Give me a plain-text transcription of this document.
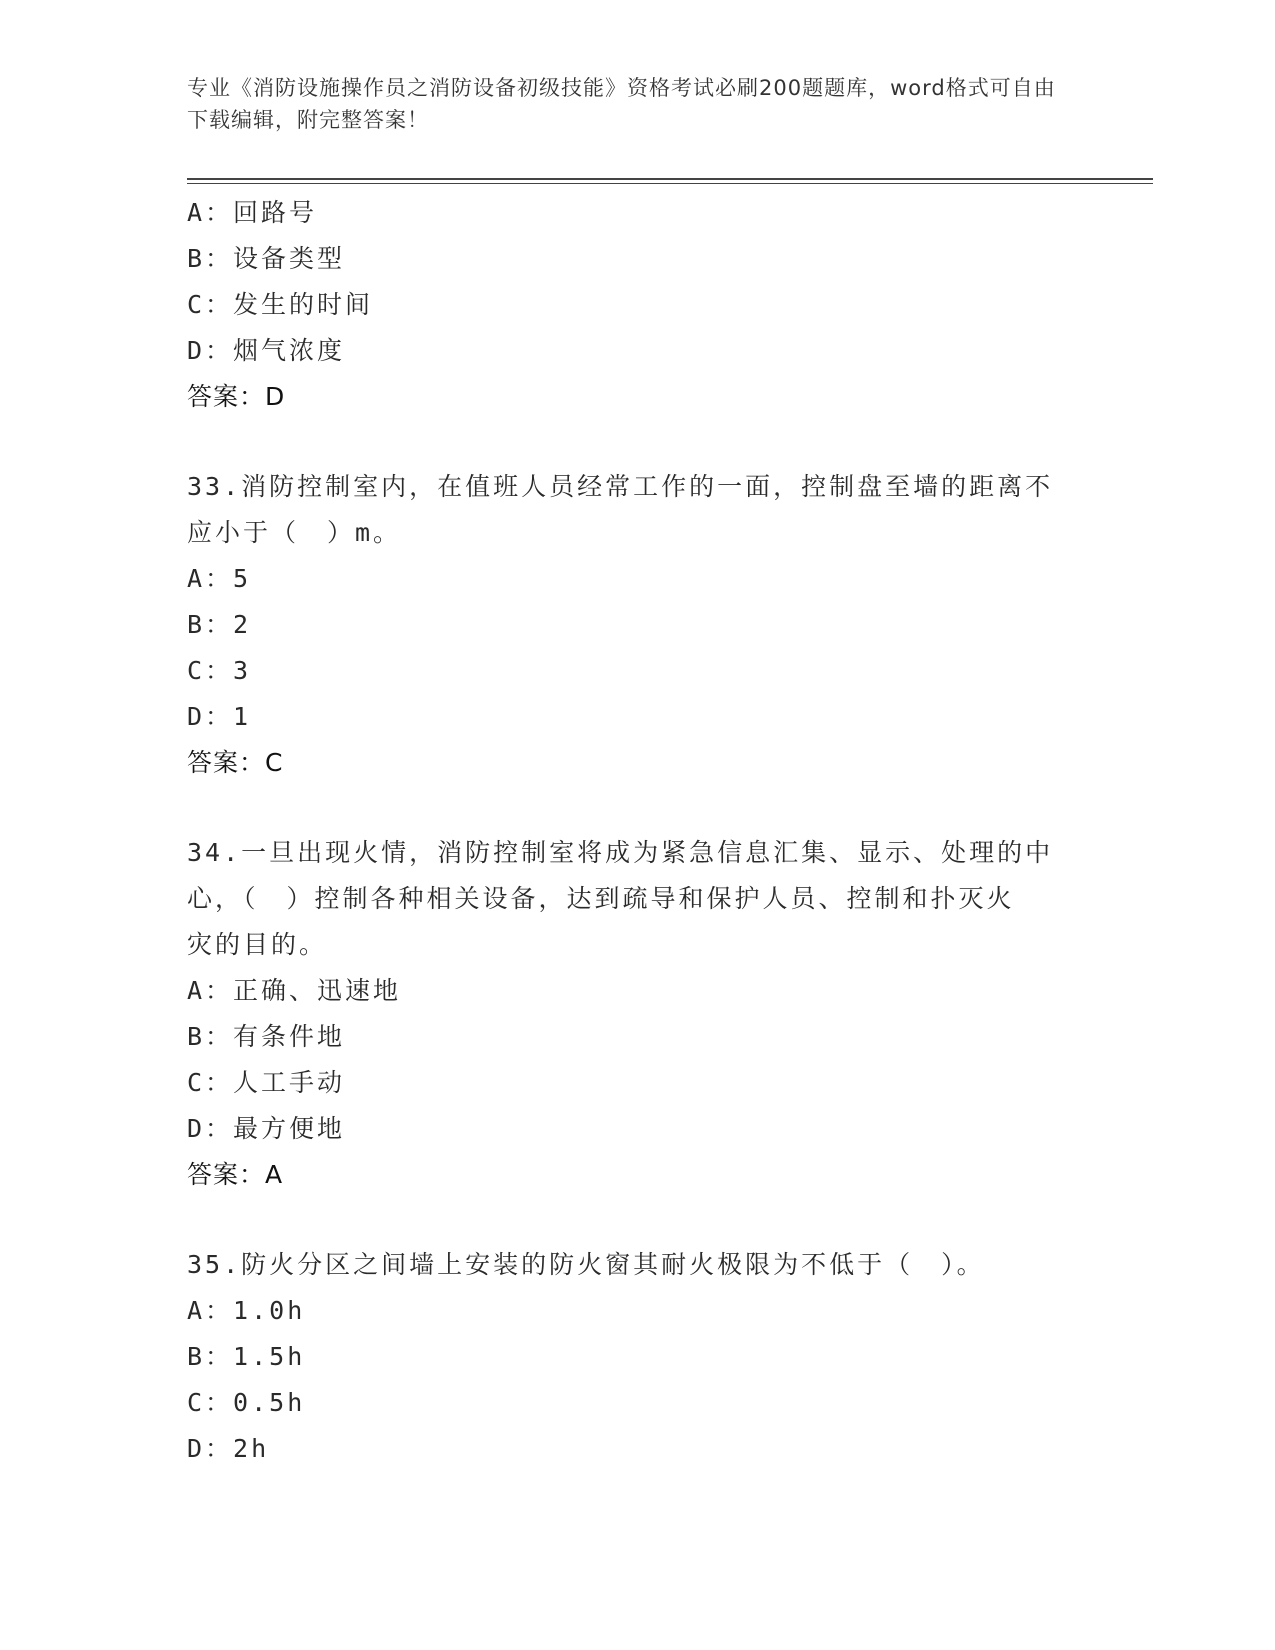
专业《消防设施操作员之消防设备初级技能》资格考试必刷200题题库，word格式可自由下载编辑，附完整答案！
A：回路号
B：设备类型
C：发生的时间
D：烟气浓度
答案：D
33.消防控制室内，在值班人员经常工作的一面，控制盘至墙的距离不
应小于（　）m。
A：5
B：2
C：3
D：1
答案：C
34.一旦出现火情，消防控制室将成为紧急信息汇集、显示、处理的中
心，（　）控制各种相关设备，达到疏导和保护人员、控制和扑灭火
灾的目的。
A：正确、迅速地
B：有条件地
C：人工手动
D：最方便地
答案：A
35.防火分区之间墙上安装的防火窗其耐火极限为不低于（　）。
A：1.0h
B：1.5h
C：0.5h
D：2h
